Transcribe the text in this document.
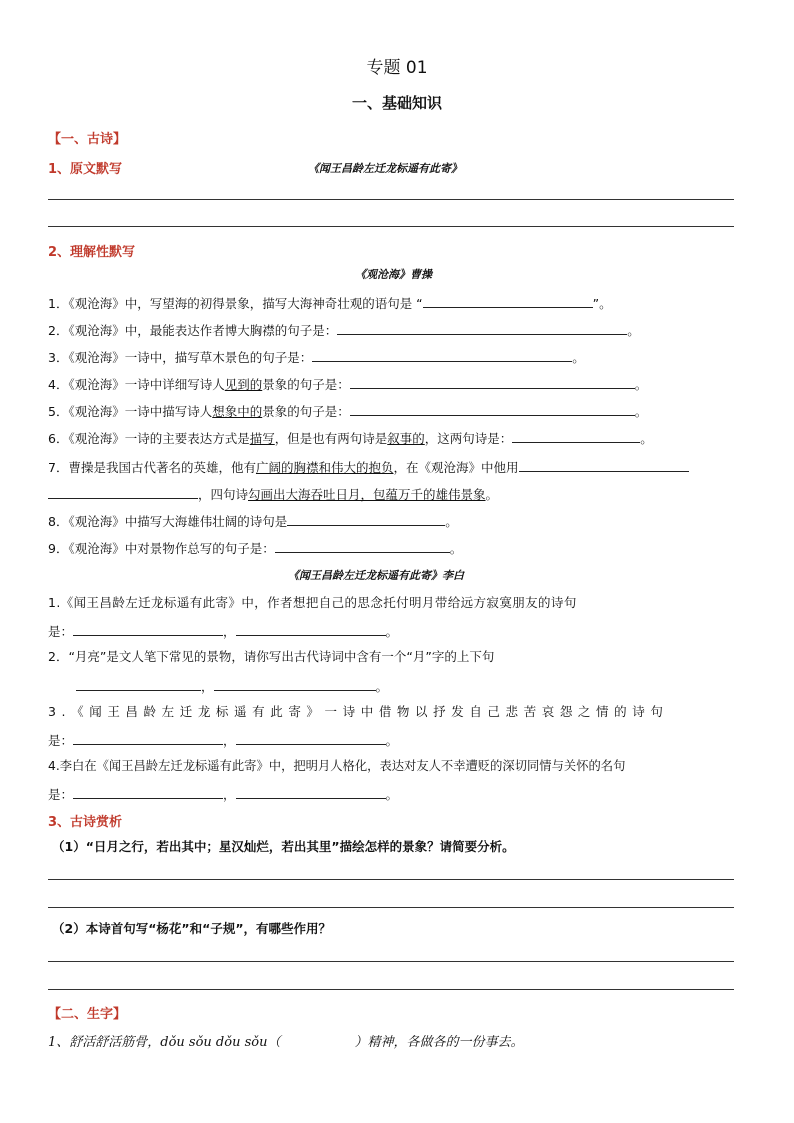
专题 01
一、基础知识
【一、古诗】
1、原文默写	《闻王昌龄左迁龙标遥有此寄》
2、理解性默写
《观沧海》曹操
1．《观沧海》中，写望海的初得景象，描写大海神奇壮观的语句是 “	”。
2．《观沧海》中，最能表达作者博大胸襟的句子是：	。
3．《观沧海》一诗中，描写草木景色的句子是：	。
4．《观沧海》一诗中详细写诗人见到的景象的句子是：	。
5．《观沧海》一诗中描写诗人想象中的景象的句子是：	。
6．《观沧海》一诗的主要表达方式是描写，但是也有两句诗是叙事的，这两句诗是：	。
7．曹操是我国古代著名的英雄，他有广阔的胸襟和伟大的抱负，在《观沧海》中他用
，四句诗勾画出大海吞吐日月，包蕴万千的雄伟景象。
8．《观沧海》中描写大海雄伟壮阔的诗句是	。
9．《观沧海》中对景物作总写的句子是：	。
《闻王昌龄左迁龙标遥有此寄》李白
1.《闻王昌龄左迁龙标遥有此寄》中，作者想把自己的思念托付明月带给远方寂寞朋友的诗句
是：	，	。
2．“月亮”是文人笔下常见的景物，请你写出古代诗词中含有一个“月”字的上下句
，	。
3.《闻王昌龄左迁龙标遥有此寄》一诗中借物以抒发自己悲苦哀怨之情的诗句
是：	，	。
4.李白在《闻王昌龄左迁龙标遥有此寄》中，把明月人格化，表达对友人不幸遭贬的深切同情与关怀的名句
是：	，	。
3、古诗赏析
（1）“日月之行，若出其中；星汉灿烂，若出其里”描绘怎样的景象？请简要分析。
（2）本诗首句写“杨花”和“子规”，有哪些作用？
【二、生字】
1、舒活舒活筋骨，dǒu sǒu dǒu sǒu（	）精神，各做各的一份事去。
